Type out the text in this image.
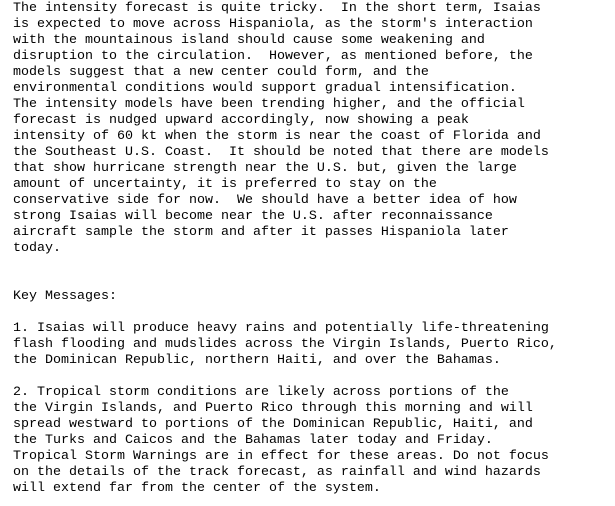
The intensity forecast is quite tricky.  In the short term, Isaias
is expected to move across Hispaniola, as the storm's interaction
with the mountainous island should cause some weakening and
disruption to the circulation.  However, as mentioned before, the
models suggest that a new center could form, and the
environmental conditions would support gradual intensification.
The intensity models have been trending higher, and the official
forecast is nudged upward accordingly, now showing a peak
intensity of 60 kt when the storm is near the coast of Florida and
the Southeast U.S. Coast.  It should be noted that there are models
that show hurricane strength near the U.S. but, given the large
amount of uncertainty, it is preferred to stay on the
conservative side for now.  We should have a better idea of how
strong Isaias will become near the U.S. after reconnaissance
aircraft sample the storm and after it passes Hispaniola later
today.
Key Messages:
1. Isaias will produce heavy rains and potentially life-threatening
flash flooding and mudslides across the Virgin Islands, Puerto Rico,
the Dominican Republic, northern Haiti, and over the Bahamas.
2. Tropical storm conditions are likely across portions of the
the Virgin Islands, and Puerto Rico through this morning and will
spread westward to portions of the Dominican Republic, Haiti, and
the Turks and Caicos and the Bahamas later today and Friday.
Tropical Storm Warnings are in effect for these areas. Do not focus
on the details of the track forecast, as rainfall and wind hazards
will extend far from the center of the system.
